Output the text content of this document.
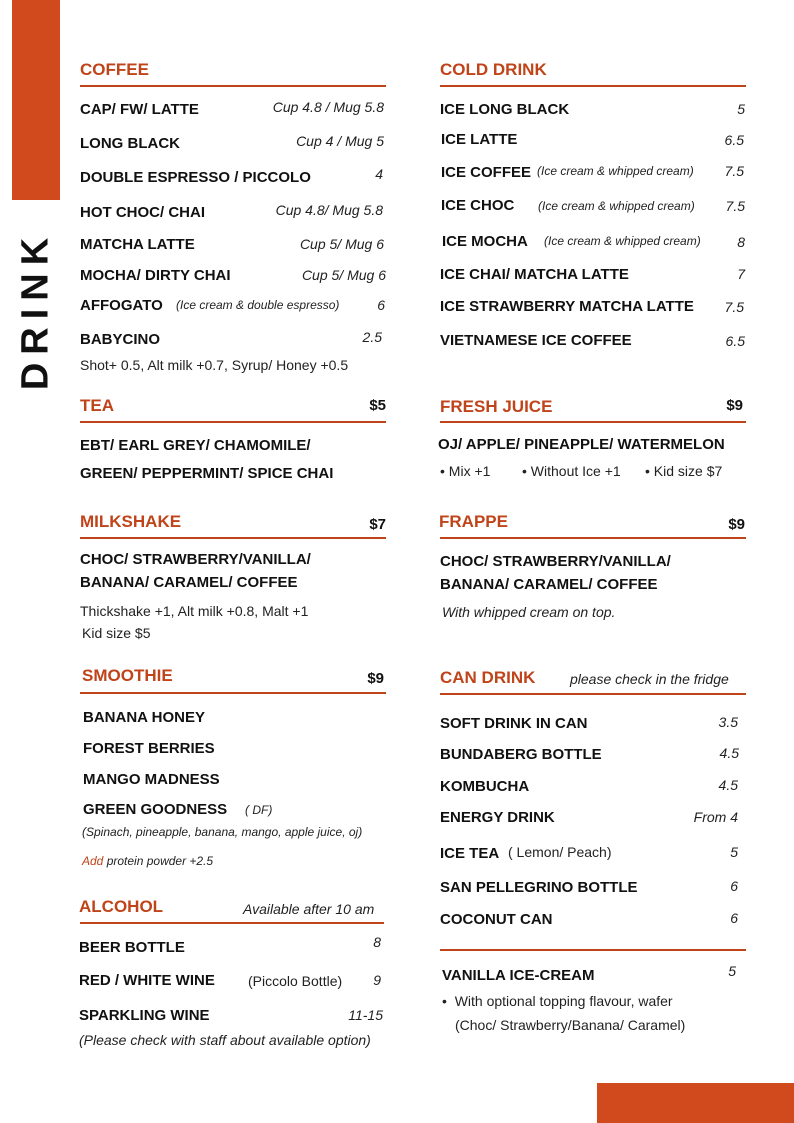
DRINK
COFFEE
CAP/ FW/ LATTE	Cup 4.8 / Mug 5.8
LONG BLACK	Cup 4 / Mug 5
DOUBLE ESPRESSO / PICCOLO	4
HOT CHOC/ CHAI	Cup 4.8/ Mug 5.8
MATCHA LATTE	Cup 5/ Mug 6
MOCHA/ DIRTY CHAI	Cup 5/ Mug 6
AFFOGATO (Ice cream & double espresso)	6
BABYCINO	2.5
Shot+ 0.5, Alt milk +0.7, Syrup/ Honey +0.5
TEA	$5
EBT/ EARL GREY/ CHAMOMILE/
GREEN/ PEPPERMINT/ SPICE CHAI
MILKSHAKE	$7
CHOC/ STRAWBERRY/VANILLA/
BANANA/ CARAMEL/ COFFEE
Thickshake +1, Alt milk +0.8, Malt +1
Kid size $5
SMOOTHIE	$9
BANANA HONEY
FOREST BERRIES
MANGO MADNESS
GREEN GOODNESS ( DF)
(Spinach, pineapple, banana, mango, apple juice, oj)
Add protein powder +2.5
ALCOHOL	Available after 10 am
BEER BOTTLE	8
RED / WHITE WINE (Piccolo Bottle) 9
SPARKLING WINE	11-15
(Please check with staff about available option)
COLD DRINK
ICE LONG BLACK	5
ICE LATTE	6.5
ICE COFFEE (Ice cream & whipped cream) 7.5
ICE CHOC (Ice cream & whipped cream) 7.5
ICE MOCHA (Ice cream & whipped cream)	8
ICE CHAI/ MATCHA LATTE	7
ICE STRAWBERRY MATCHA LATTE 7.5
VIETNAMESE ICE COFFEE	6.5
FRESH JUICE	$9
OJ/ APPLE/ PINEAPPLE/ WATERMELON
• Mix +1 • Without Ice +1 • Kid size $7
FRAPPE	$9
CHOC/ STRAWBERRY/VANILLA/
BANANA/ CARAMEL/ COFFEE
With whipped cream on top.
CAN DRINK please check in the fridge
SOFT DRINK IN CAN	3.5
BUNDABERG BOTTLE	4.5
KOMBUCHA	4.5
ENERGY DRINK	From 4
ICE TEA ( Lemon/ Peach)	5
SAN PELLEGRINO BOTTLE	6
COCONUT CAN	6
VANILLA ICE-CREAM	5
•  With optional topping flavour, wafer
(Choc/ Strawberry/Banana/ Caramel)
